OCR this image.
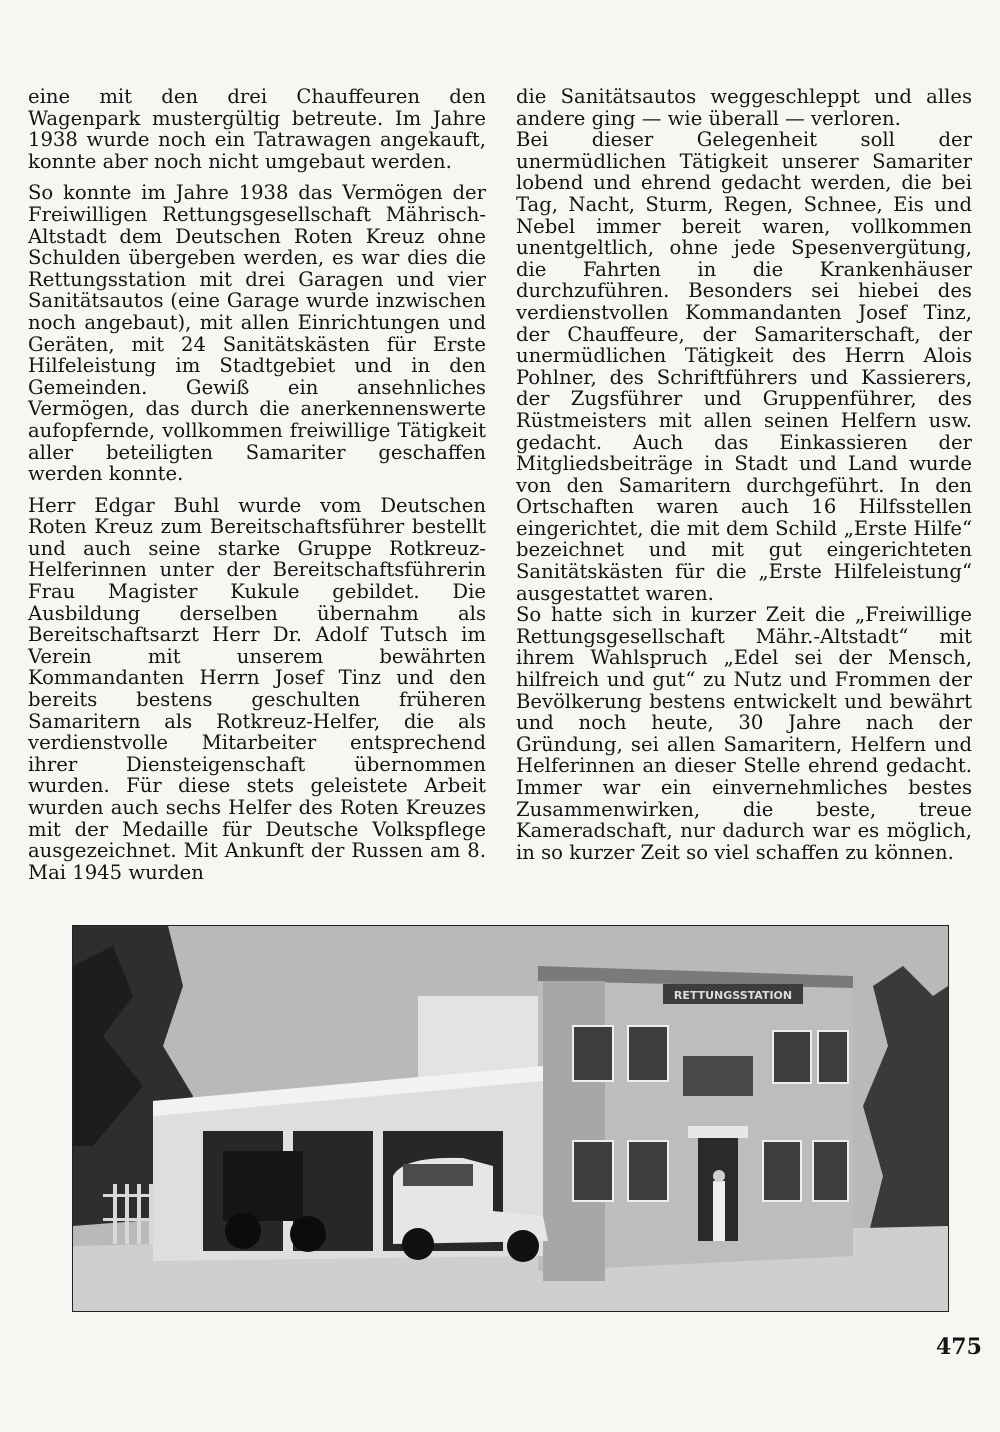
eine mit den drei Chauffeuren den Wagenpark mustergültig betreute. Im Jahre 1938 wurde noch ein Tatrawagen angekauft, konnte aber noch nicht umgebaut werden.

So konnte im Jahre 1938 das Vermögen der Freiwilligen Rettungsgesellschaft Mährisch-Altstadt dem Deutschen Roten Kreuz ohne Schulden übergeben werden, es war dies die Rettungsstation mit drei Garagen und vier Sanitätsautos (eine Garage wurde inzwischen noch angebaut), mit allen Einrichtungen und Geräten, mit 24 Sanitätskästen für Erste Hilfeleistung im Stadtgebiet und in den Gemeinden. Gewiß ein ansehnliches Vermögen, das durch die anerkennenswerte aufopfernde, vollkommen freiwillige Tätigkeit aller beteiligten Samariter geschaffen werden konnte.

Herr Edgar Buhl wurde vom Deutschen Roten Kreuz zum Bereitschaftsführer bestellt und auch seine starke Gruppe Rotkreuz-Helferinnen unter der Bereitschaftsführerin Frau Magister Kukule gebildet. Die Ausbildung derselben übernahm als Bereitschaftsarzt Herr Dr. Adolf Tutsch im Verein mit unserem bewährten Kommandanten Herrn Josef Tinz und den bereits bestens geschulten früheren Samaritern als Rotkreuz-Helfer, die als verdienstvolle Mitarbeiter entsprechend ihrer Diensteigenschaft übernommen wurden. Für diese stets geleistete Arbeit wurden auch sechs Helfer des Roten Kreuzes mit der Medaille für Deutsche Volkspflege ausgezeichnet. Mit Ankunft der Russen am 8. Mai 1945 wurden

die Sanitätsautos weggeschleppt und alles andere ging — wie überall — verloren.

Bei dieser Gelegenheit soll der unermüdlichen Tätigkeit unserer Samariter lobend und ehrend gedacht werden, die bei Tag, Nacht, Sturm, Regen, Schnee, Eis und Nebel immer bereit waren, vollkommen unentgeltlich, ohne jede Spesenvergütung, die Fahrten in die Krankenhäuser durchzuführen. Besonders sei hiebei des verdienstvollen Kommandanten Josef Tinz, der Chauffeure, der Samariterschaft, der unermüdlichen Tätigkeit des Herrn Alois Pohlner, des Schriftführers und Kassierers, der Zugsführer und Gruppenführer, des Rüstmeisters mit allen seinen Helfern usw. gedacht. Auch das Einkassieren der Mitgliedsbeiträge in Stadt und Land wurde von den Samaritern durchgeführt. In den Ortschaften waren auch 16 Hilfsstellen eingerichtet, die mit dem Schild „Erste Hilfe“ bezeichnet und mit gut eingerichteten Sanitätskästen für die „Erste Hilfeleistung“ ausgestattet waren.

So hatte sich in kurzer Zeit die „Freiwillige Rettungsgesellschaft Mähr.-Altstadt“ mit ihrem Wahlspruch „Edel sei der Mensch, hilfreich und gut“ zu Nutz und Frommen der Bevölkerung bestens entwickelt und bewährt und noch heute, 30 Jahre nach der Gründung, sei allen Samaritern, Helfern und Helferinnen an dieser Stelle ehrend gedacht. Immer war ein einvernehmliches bestes Zusammenwirken, die beste, treue Kameradschaft, nur dadurch war es möglich, in so kurzer Zeit so viel schaffen zu können.

RETTUNGSSTATION
475
